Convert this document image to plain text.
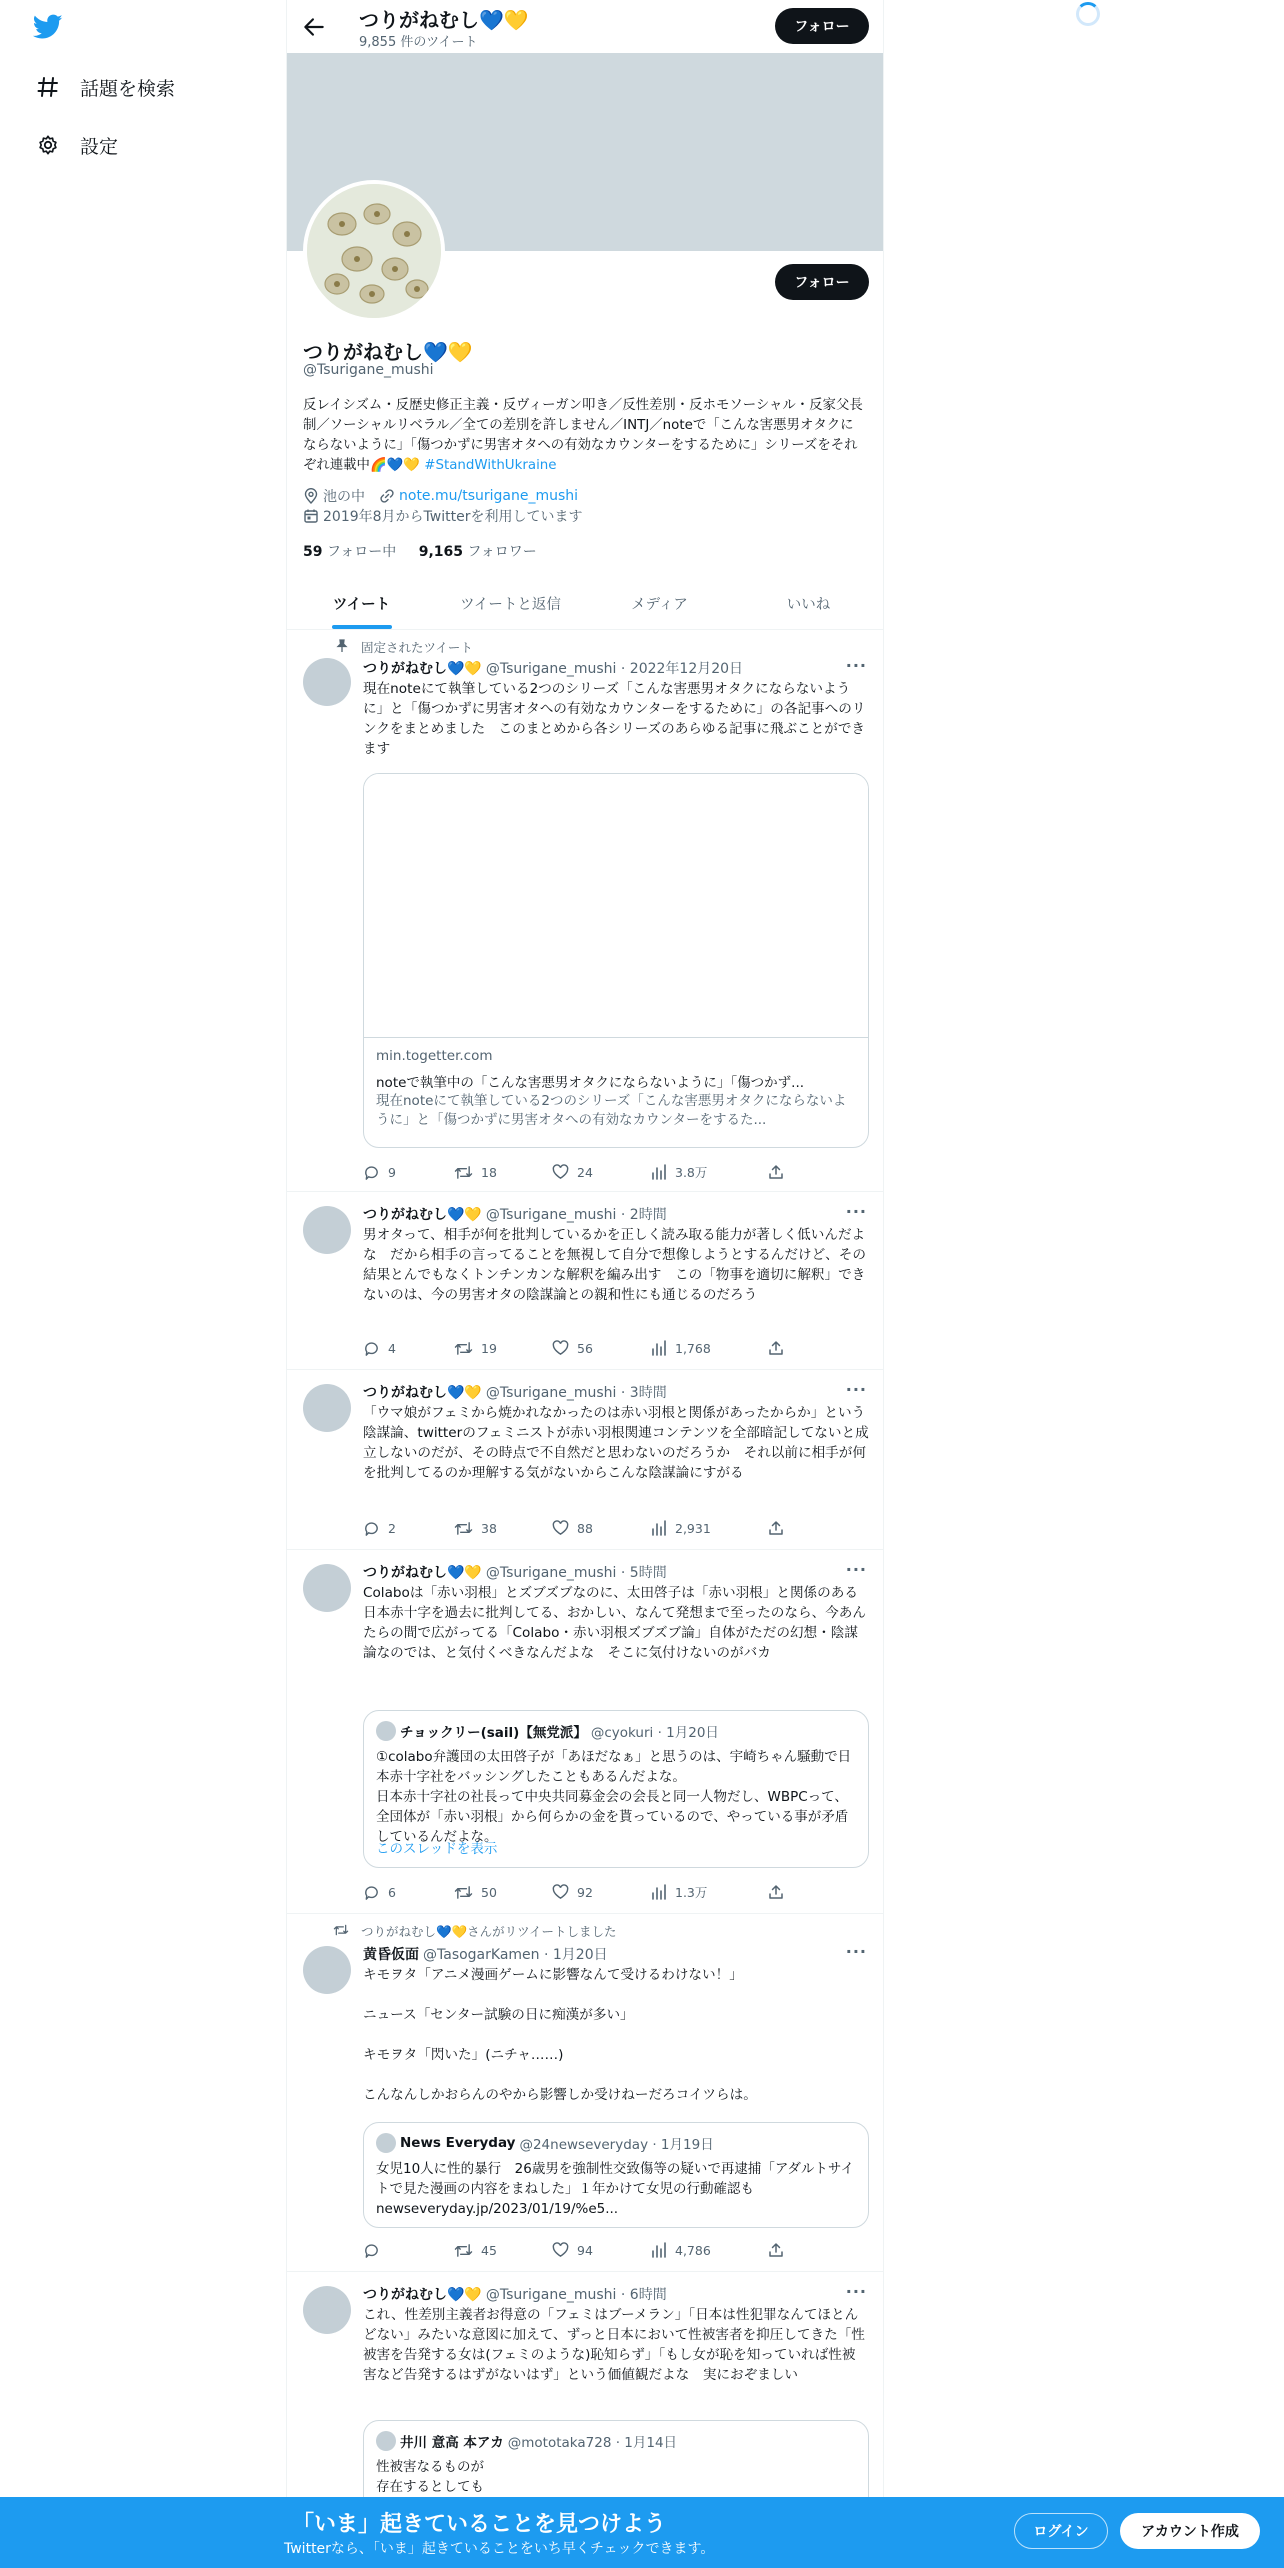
話題を検索
設定
つりがねむし💙💛
9,855 件のツイート
フォロー
フォロー
つりがねむし💙💛
@Tsurigane_mushi
反レイシズム・反歴史修正主義・反ヴィーガン叩き／反性差別・反ホモソーシャル・反家父長制／ソーシャルリベラル／全ての差別を許しません／INTJ／noteで「こんな害悪男オタクにならないように」「傷つかずに男害オタへの有効なカウンターをするために」シリーズをそれぞれ連載中🌈💙💛 #StandWithUkraine
池の中 note.mu/tsurigane_mushi
2019年8月からTwitterを利用しています
59 フォロー中 9,165 フォロワー
ツイート	ツイートと返信	メディア	いいね
固定されたツイート
つりがねむし💙💛 @Tsurigane_mushi · 2022年12月20日	···
現在noteにて執筆している2つのシリーズ「こんな害悪男オタクにならないように」と「傷つかずに男害オタへの有効なカウンターをするために」の各記事へのリンクをまとめました　このまとめから各シリーズのあらゆる記事に飛ぶことができます
min.togetter.com
noteで執筆中の「こんな害悪男オタクにならないように」「傷つかず...
現在noteにて執筆している2つのシリーズ「こんな害悪男オタクにならないように」と「傷つかずに男害オタへの有効なカウンターをするた...
9	18	24	3.8万
つりがねむし💙💛 @Tsurigane_mushi · 2時間	···
男オタって、相手が何を批判しているかを正しく読み取る能力が著しく低いんだよな　だから相手の言ってることを無視して自分で想像しようとするんだけど、その結果とんでもなくトンチンカンな解釈を編み出す　この「物事を適切に解釈」できないのは、今の男害オタの陰謀論との親和性にも通じるのだろう
4	19	56	1,768
つりがねむし💙💛 @Tsurigane_mushi · 3時間	···
「ウマ娘がフェミから焼かれなかったのは赤い羽根と関係があったからか」という陰謀論、twitterのフェミニストが赤い羽根関連コンテンツを全部暗記してないと成立しないのだが、その時点で不自然だと思わないのだろうか　それ以前に相手が何を批判してるのか理解する気がないからこんな陰謀論にすがる
2	38	88	2,931
つりがねむし💙💛 @Tsurigane_mushi · 5時間	···
Colaboは「赤い羽根」とズブズブなのに、太田啓子は「赤い羽根」と関係のある日本赤十字を過去に批判してる、おかしい、なんて発想まで至ったのなら、今あんたらの間で広がってる「Colabo・赤い羽根ズブズブ論」自体がただの幻想・陰謀論なのでは、と気付くべきなんだよな　そこに気付けないのがバカ
チョックリー(sail)【無党派】 @cyokuri · 1月20日
①colabo弁護団の太田啓子が「あほだなぁ」と思うのは、宇崎ちゃん騒動で日本赤十字社をバッシングしたこともあるんだよな。
日本赤十字社の社長って中央共同募金会の会長と同一人物だし、WBPCって、全団体が「赤い羽根」から何らかの金を貰っているので、やっている事が矛盾しているんだよな。
このスレッドを表示
6	50	92	1.3万
つりがねむし💙💛さんがリツイートしました
黄昏仮面 @TasogarKamen · 1月20日	···
キモヲタ「アニメ漫画ゲームに影響なんて受けるわけない！」

ニュース「センター試験の日に痴漢が多い」

キモヲタ「閃いた」(ニチャ……)

こんなんしかおらんのやから影響しか受けねーだろコイツらは。
News Everyday @24newseveryday · 1月19日
女児10人に性的暴行　26歳男を強制性交致傷等の疑いで再逮捕「アダルトサイトで見た漫画の内容をまねした」１年かけて女児の行動確認も newseveryday.jp/2023/01/19/%e5...
45	94	4,786
つりがねむし💙💛 @Tsurigane_mushi · 6時間	···
これ、性差別主義者お得意の「フェミはブーメラン」「日本は性犯罪なんてほとんどない」みたいな意図に加えて、ずっと日本において性被害者を抑圧してきた「性被害を告発する女は(フェミのような)恥知らず」「もし女が恥を知っていれば性被害など告発するはずがないはず」という価値観だよな　実におぞましい
井川 意高 本アカ @mototaka728 · 1月14日
性被害なるものが
存在するとしても
「いま」起きていることを見つけよう
Twitterなら、「いま」起きていることをいち早くチェックできます。
ログイン	アカウント作成
